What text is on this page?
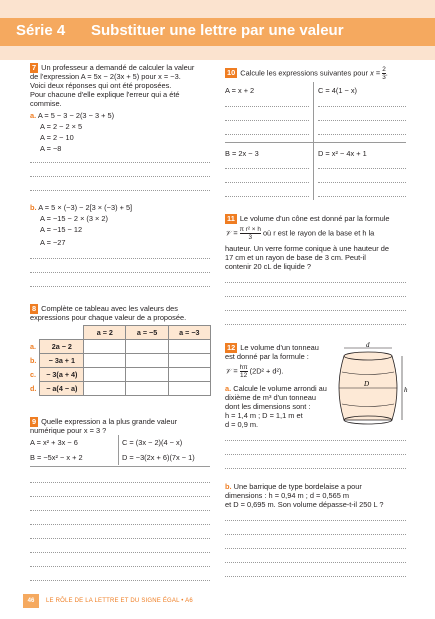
Série 4 Substituer une lettre par une valeur
7 Un professeur a demandé de calculer la valeur
de l'expression A = 5x − 2(3x + 5) pour x = −3.
Voici deux réponses qui ont été proposées.
Pour chacune d'elle explique l'erreur qui a été
commise.
a. A = 5 − 3 − 2(3 − 3 + 5)
A = 2 − 2 × 5
A = 2 − 10
A = −8
b. A = 5 × (−3) − 2[3 × (−3) + 5]
A = −15 − 2 × (3 × 2)
A = −15 − 12
A = −27
8 Complète ce tableau avec les valeurs des
expressions pour chaque valeur de a proposée.
		a = 2	a = −5	a = −3
a.	2a − 2			
b.	− 3a + 1			
c.	− 3(a + 4)			
d.	− a(4 − a)			
9 Quelle expression a la plus grande valeur
numérique pour x = 3 ?
A = x² + 3x − 6	C = (3x − 2)(4 − x)
B = −5x² − x + 2	D = −3(2x + 6)(7x − 1)
10 Calcule les expressions suivantes pour $x = \frac{2}{3}$ .
A = x + 2	C = 4(1 − x)
B = 2x − 3	D = x² − 4x + 1
11 Le volume d'un cône est donné par la formule
𝒱 = $\frac{\text{π r² × h}}{3}$ où r est le rayon de la base et h la
hauteur. Un verre forme conique à une hauteur de
17 cm et un rayon de base de 3 cm. Peut-il
contenir 20 cL de liquide ?
12 Le volume d'un tonneau
est donné par la formule :
𝒱 = $\frac{h\pi}{12} (2D^2 + d^2)$.
a. Calcule le volume arrondi au
dixième de m³ d'un tonneau
dont les dimensions sont :
h = 1,4 m ; D = 1,1 m et
d = 0,9 m.
d
D
h
b. Une barrique de type bordelaise a pour
dimensions : h = 0,94 m ; d = 0,565 m
et D = 0,695 m. Son volume dépasse-t-il 250 L ?
46	LE RÔLE DE LA LETTRE ET DU SIGNE ÉGAL • A6
